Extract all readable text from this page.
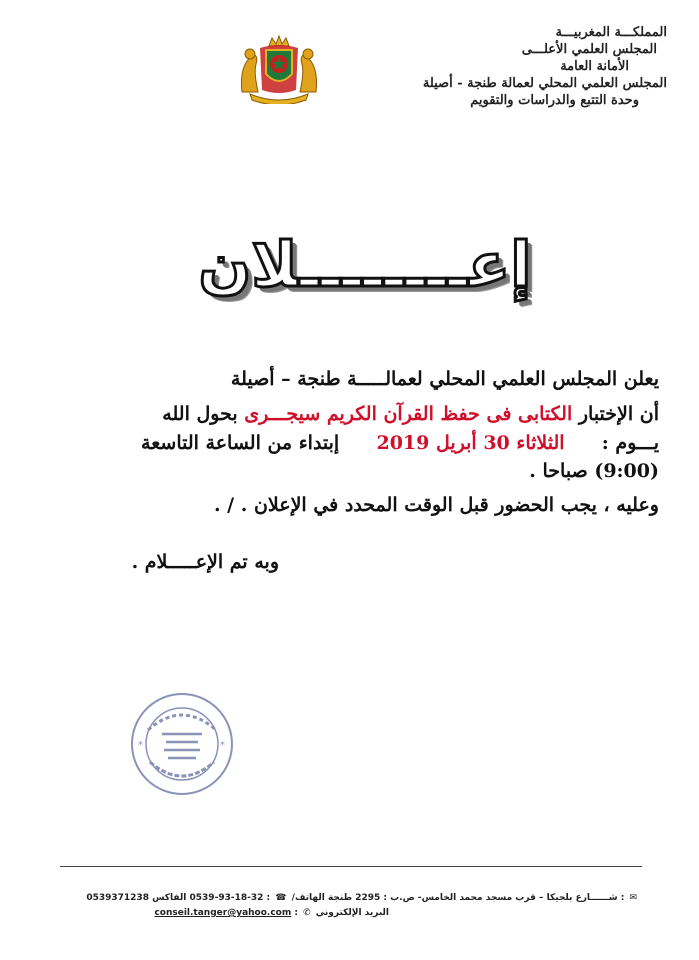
المملكـــة المغربيـــة
المجلس العلمي الأعلـــى
الأمانة العامة
المجلس العلمي المحلي لعمالة طنجة - أصيلة
وحدة التتبع والدراسات والتقويم
إعــــــــلان
يعلن المجلس العلمي المحلي لعمالـــــة طنجة – أصيلة
أن الإختبار الكتابى فى حفظ القرآن الكريم سيجـــرى بحول الله
يـــوم :  الثلاثاء 30 أبريل 2019  إبتداء من الساعة التاسعة
(9:00) صباحا .
وعليه ، يجب الحضور قبل الوقت المحدد في الإعلان . / .
وبه تم الإعـــــلام .
*	*
✉ : شــــــارع بلجيكا – قرب مسجد محمد الخامس- ص.ب : 2295 طنجة الهاتف/ ☎ : 32-18-93-0539 الفاكس 0539371238
البريد الإلكتروني ✆ : conseil.tanger@yahoo.com
